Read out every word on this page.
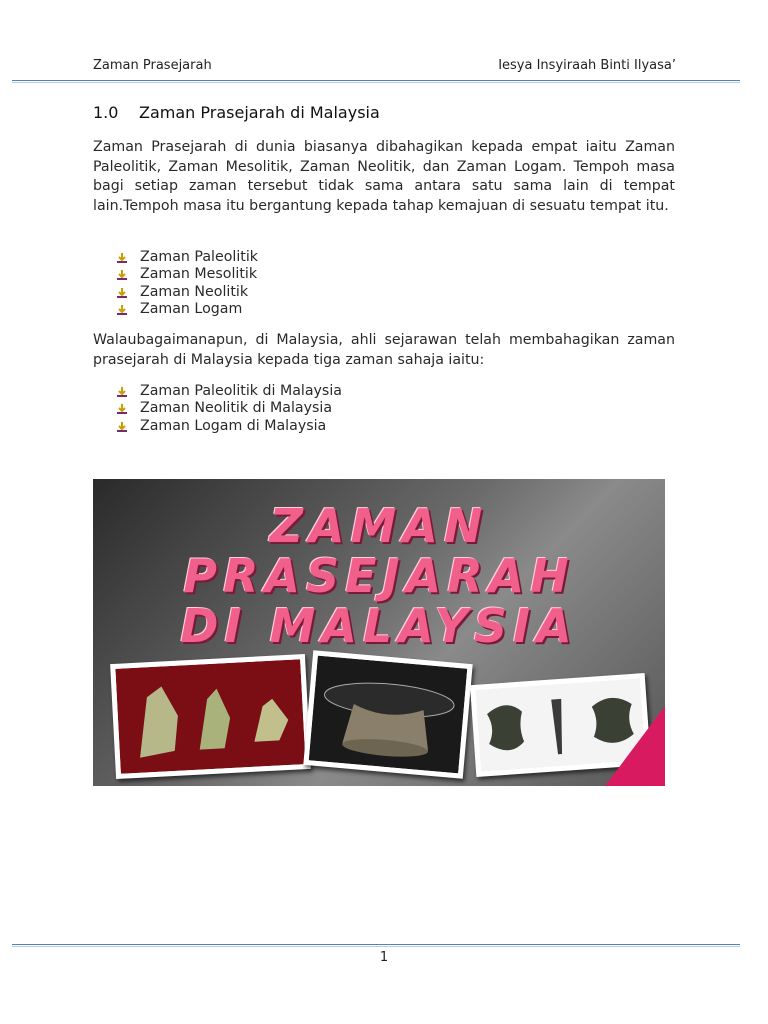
Zaman Prasejarah	Iesya Insyiraah Binti Ilyasa’
1.0 Zaman Prasejarah di Malaysia
Zaman Prasejarah di dunia biasanya dibahagikan kepada empat iaitu Zaman Paleolitik, Zaman Mesolitik, Zaman Neolitik, dan Zaman Logam. Tempoh masa bagi setiap zaman tersebut tidak sama antara satu sama lain di tempat lain.Tempoh masa itu bergantung kepada tahap kemajuan di sesuatu tempat itu.
Zaman Paleolitik
Zaman Mesolitik
Zaman Neolitik
Zaman Logam
Walaubagaimanapun, di Malaysia, ahli sejarawan telah membahagikan zaman prasejarah di Malaysia kepada tiga zaman sahaja iaitu:
Zaman Paleolitik di Malaysia
Zaman Neolitik di Malaysia
Zaman Logam di Malaysia
ZAMAN
PRASEJARAH
DI MALAYSIA
1
